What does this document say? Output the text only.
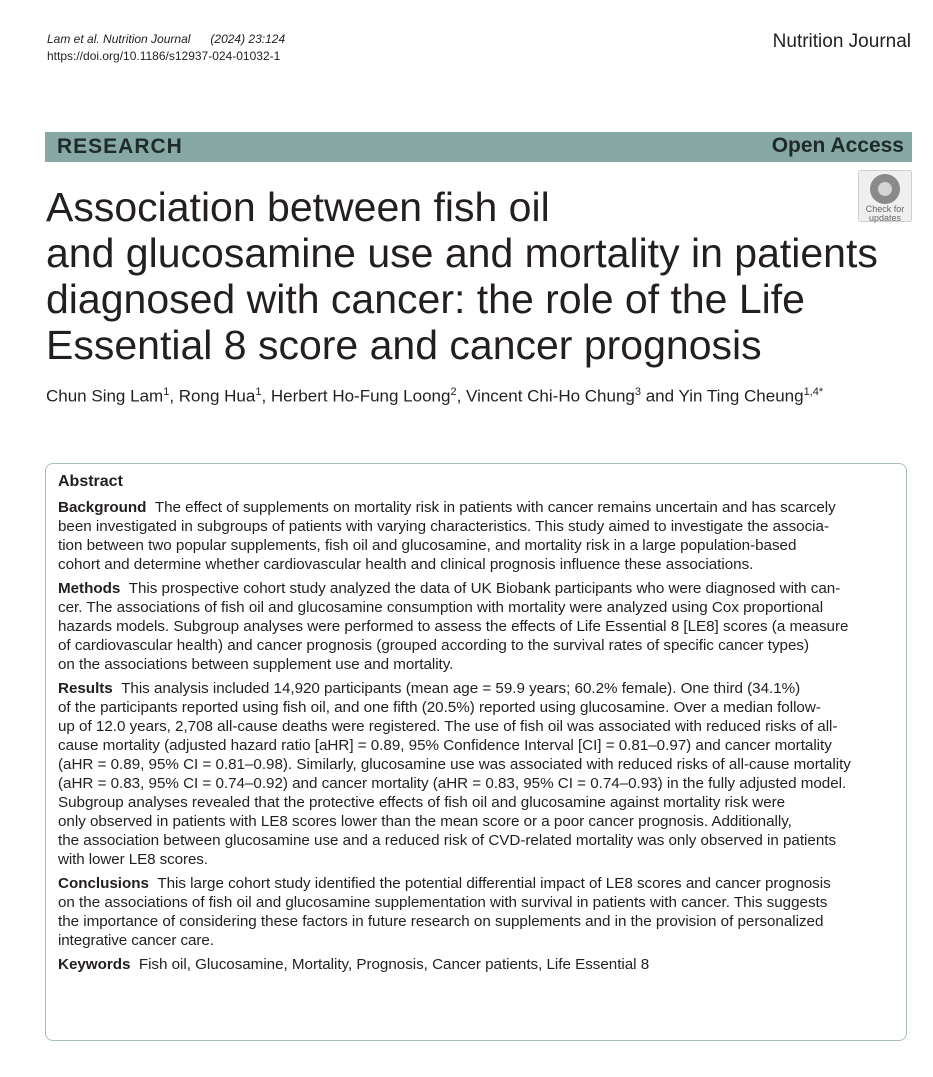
Lam et al. Nutrition Journal (2024) 23:124
https://doi.org/10.1186/s12937-024-01032-1
Nutrition Journal
RESEARCH	Open Access
Check for
updates
Association between fish oil
and glucosamine use and mortality in patients
diagnosed with cancer: the role of the Life
Essential 8 score and cancer prognosis
Chun Sing Lam$^1$, Rong Hua$^1$, Herbert Ho-Fung Loong$^2$, Vincent Chi-Ho Chung$^3$ and Yin Ting Cheung$^{1,4*}$
Abstract
Background The effect of supplements on mortality risk in patients with cancer remains uncertain and has scarcely
been investigated in subgroups of patients with varying characteristics. This study aimed to investigate the associa-
tion between two popular supplements, fish oil and glucosamine, and mortality risk in a large population-based
cohort and determine whether cardiovascular health and clinical prognosis influence these associations.
Methods This prospective cohort study analyzed the data of UK Biobank participants who were diagnosed with can-
cer. The associations of fish oil and glucosamine consumption with mortality were analyzed using Cox proportional
hazards models. Subgroup analyses were performed to assess the effects of Life Essential 8 [LE8] scores (a measure
of cardiovascular health) and cancer prognosis (grouped according to the survival rates of specific cancer types)
on the associations between supplement use and mortality.
Results This analysis included 14,920 participants (mean age = 59.9 years; 60.2% female). One third (34.1%)
of the participants reported using fish oil, and one fifth (20.5%) reported using glucosamine. Over a median follow-
up of 12.0 years, 2,708 all-cause deaths were registered. The use of fish oil was associated with reduced risks of all-
cause mortality (adjusted hazard ratio [aHR] = 0.89, 95% Confidence Interval [CI] = 0.81–0.97) and cancer mortality
(aHR = 0.89, 95% CI = 0.81–0.98). Similarly, glucosamine use was associated with reduced risks of all-cause mortality
(aHR = 0.83, 95% CI = 0.74–0.92) and cancer mortality (aHR = 0.83, 95% CI = 0.74–0.93) in the fully adjusted model.
Subgroup analyses revealed that the protective effects of fish oil and glucosamine against mortality risk were
only observed in patients with LE8 scores lower than the mean score or a poor cancer prognosis. Additionally,
the association between glucosamine use and a reduced risk of CVD-related mortality was only observed in patients
with lower LE8 scores.
Conclusions This large cohort study identified the potential differential impact of LE8 scores and cancer prognosis
on the associations of fish oil and glucosamine supplementation with survival in patients with cancer. This suggests
the importance of considering these factors in future research on supplements and in the provision of personalized
integrative cancer care.
Keywords Fish oil, Glucosamine, Mortality, Prognosis, Cancer patients, Life Essential 8
